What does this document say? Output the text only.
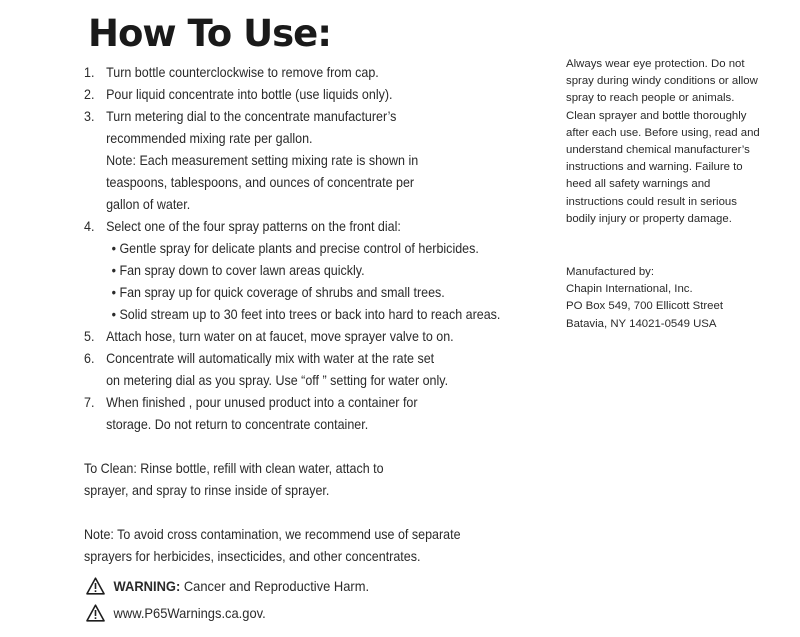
How To Use:
1. Turn bottle counterclockwise to remove from cap.
2. Pour liquid concentrate into bottle (use liquids only).
3. Turn metering dial to the concentrate manufacturer’s
recommended mixing rate per gallon.
Note: Each measurement setting mixing rate is shown in
teaspoons, tablespoons, and ounces of concentrate per
gallon of water.
4. Select one of the four spray patterns on the front dial:
• Gentle spray for delicate plants and precise control of herbicides.
• Fan spray down to cover lawn areas quickly.
• Fan spray up for quick coverage of shrubs and small trees.
• Solid stream up to 30 feet into trees or back into hard to reach areas.
5. Attach hose, turn water on at faucet, move sprayer valve to on.
6. Concentrate will automatically mix with water at the rate set
on metering dial as you spray. Use “off ” setting for water only.
7. When finished , pour unused product into a container for
storage. Do not return to concentrate container.
To Clean: Rinse bottle, refill with clean water, attach to
sprayer, and spray to rinse inside of sprayer.
Note: To avoid cross contamination, we recommend use of separate
sprayers for herbicides, insecticides, and other concentrates.
WARNING: Cancer and Reproductive Harm.
www.P65Warnings.ca.gov.
Always wear eye protection. Do not
spray during windy conditions or allow
spray to reach people or animals.
Clean sprayer and bottle thoroughly
after each use. Before using, read and
understand chemical manufacturer’s
instructions and warning. Failure to
heed all safety warnings and
instructions could result in serious
bodily injury or property damage.
Manufactured by:
Chapin International, Inc.
PO Box 549, 700 Ellicott Street
Batavia, NY 14021-0549 USA
